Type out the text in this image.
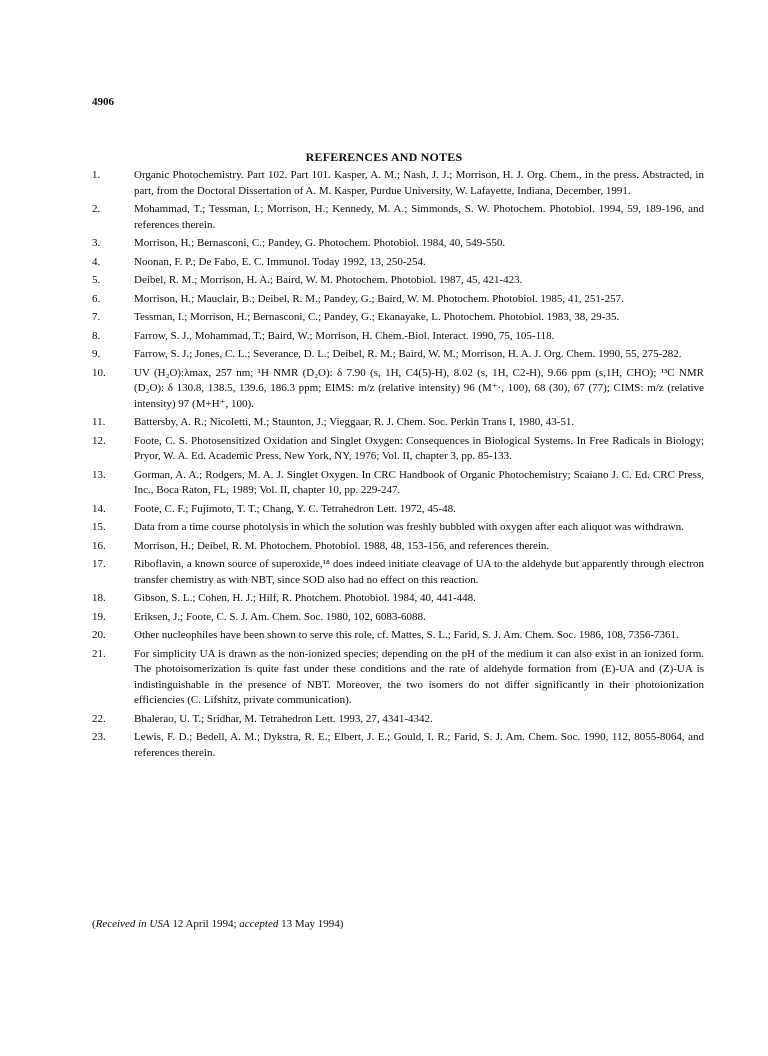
4906
REFERENCES AND NOTES
1.	Organic Photochemistry. Part 102. Part 101. Kasper, A. M.; Nash, J. J.; Morrison, H. J. Org. Chem., in the press. Abstracted, in part, from the Doctoral Dissertation of A. M. Kasper, Purdue University, W. Lafayette, Indiana, December, 1991.
2.	Mohammad, T.; Tessman, I.; Morrison, H.; Kennedy, M. A.; Simmonds, S. W. Photochem. Photobiol. 1994, 59, 189-196, and references therein.
3.	Morrison, H.; Bernasconi, C.; Pandey, G. Photochem. Photobiol. 1984, 40, 549-550.
4.	Noonan, F. P.; De Fabo, E. C. Immunol. Today 1992, 13, 250-254.
5.	Deibel, R. M.; Morrison, H. A.; Baird, W. M. Photochem. Photobiol. 1987, 45, 421-423.
6.	Morrison, H.; Mauclair, B.; Deibel, R. M.; Pandey, G.; Baird, W. M. Photochem. Photobiol. 1985, 41, 251-257.
7.	Tessman, I.; Morrison, H.; Bernasconi, C.; Pandey, G.; Ekanayake, L. Photochem. Photobiol. 1983, 38, 29-35.
8.	Farrow, S. J., Mohammad, T.; Baird, W.; Morrison, H. Chem.-Biol. Interact. 1990, 75, 105-118.
9.	Farrow, S. J.; Jones, C. L.; Severance, D. L.; Deibel, R. M.; Baird, W. M.; Morrison, H. A. J. Org. Chem. 1990, 55, 275-282.
10.	UV (H₂O):λmax, 257 nm; ¹H NMR (D₂O): δ 7.90 (s, 1H, C4(5)-H), 8.02 (s, 1H, C2-H), 9.66 ppm (s,1H, CHO); ¹³C NMR (D₂O): δ 130.8, 138.5, 139.6, 186.3 ppm; EIMS: m/z (relative intensity) 96 (M⁺·, 100), 68 (30), 67 (77); CIMS: m/z (relative intensity) 97 (M+H⁺, 100).
11.	Battersby, A. R.; Nicoletti, M.; Staunton, J.; Vieggaar, R. J. Chem. Soc. Perkin Trans I, 1980, 43-51.
12.	Foote, C. S. Photosensitized Oxidation and Singlet Oxygen: Consequences in Biological Systems. In Free Radicals in Biology; Pryor, W. A. Ed. Academic Press, New York, NY, 1976; Vol. II, chapter 3, pp. 85-133.
13.	Gorman, A. A.; Rodgers, M. A. J. Singlet Oxygen. In CRC Handbook of Organic Photochemistry; Scaiano J. C. Ed. CRC Press, Inc., Boca Raton, FL, 1989; Vol. II, chapter 10, pp. 229-247.
14.	Foote, C. F.; Fujimoto, T. T.; Chang, Y. C. Tetrahedron Lett. 1972, 45-48.
15.	Data from a time course photolysis in which the solution was freshly bubbled with oxygen after each aliquot was withdrawn.
16.	Morrison, H.; Deibel, R. M. Photochem. Photobiol. 1988, 48, 153-156, and references therein.
17.	Riboflavin, a known source of superoxide,¹⁸ does indeed initiate cleavage of UA to the aldehyde but apparently through electron transfer chemistry as with NBT, since SOD also had no effect on this reaction.
18.	Gibson, S. L.; Cohen, H. J.; Hilf, R. Photchem. Photobiol. 1984, 40, 441-448.
19.	Eriksen, J.; Foote, C. S. J. Am. Chem. Soc. 1980, 102, 6083-6088.
20.	Other nucleophiles have been shown to serve this role, cf. Mattes, S. L.; Farid, S. J. Am. Chem. Soc. 1986, 108, 7356-7361.
21.	For simplicity UA is drawn as the non-ionized species; depending on the pH of the medium it can also exist in an ionized form. The photoisomerization is quite fast under these conditions and the rate of aldehyde formation from (E)-UA and (Z)-UA is indistinguishable in the presence of NBT. Moreover, the two isomers do not differ significantly in their photoionization efficiencies (C. Lifshitz, private communication).
22.	Bhalerao, U. T.; Sridhar, M. Tetrahedron Lett. 1993, 27, 4341-4342.
23.	Lewis, F. D.; Bedell, A. M.; Dykstra, R. E.; Elbert, J. E.; Gould, I. R.; Farid, S. J. Am. Chem. Soc. 1990, 112, 8055-8064, and references therein.
(Received in USA 12 April 1994; accepted 13 May 1994)
